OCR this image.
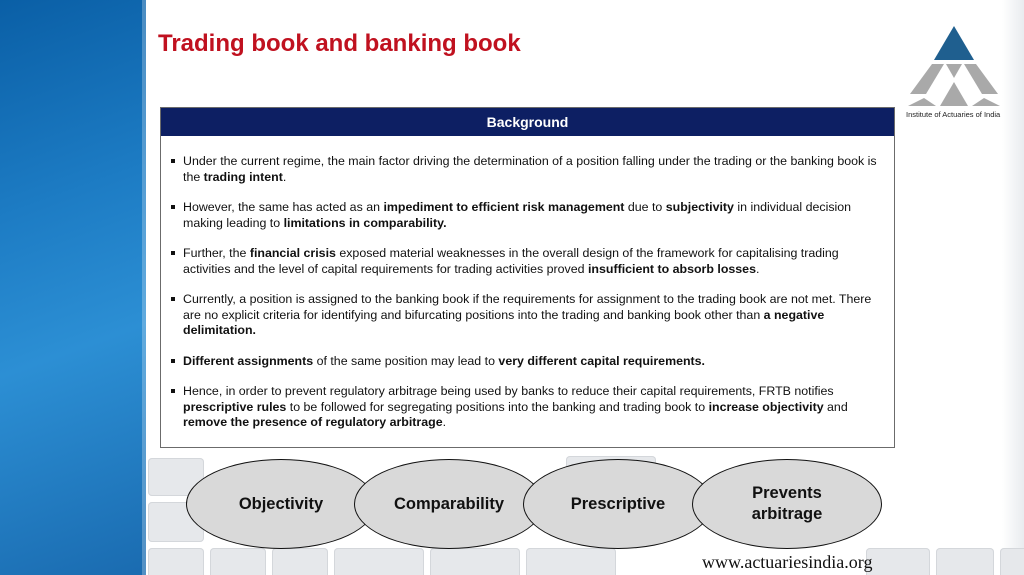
Trading book and banking book
Institute of Actuaries of India
Background
Under the current regime, the main factor driving the determination of a position falling under the trading or the banking book is the trading intent.
However, the same has acted as an impediment to efficient risk management due to subjectivity in individual decision making leading to limitations in comparability.
Further, the financial crisis exposed material weaknesses in the overall design of the framework for capitalising trading activities and the level of capital requirements for trading activities proved insufficient to absorb losses.
Currently, a position is assigned to the banking book if the requirements for assignment to the trading book are not met. There are no explicit criteria for identifying and bifurcating positions into the trading and banking book other than a negative delimitation.
Different assignments of the same position may lead to very different capital requirements.
Hence, in order to prevent regulatory arbitrage being used by banks to reduce their capital requirements, FRTB notifies prescriptive rules to be followed for segregating positions into the banking and trading book to increase objectivity and remove the presence of regulatory arbitrage.
Objectivity	Comparability	Prescriptive
Prevents
arbitrage
www.actuariesindia.org
